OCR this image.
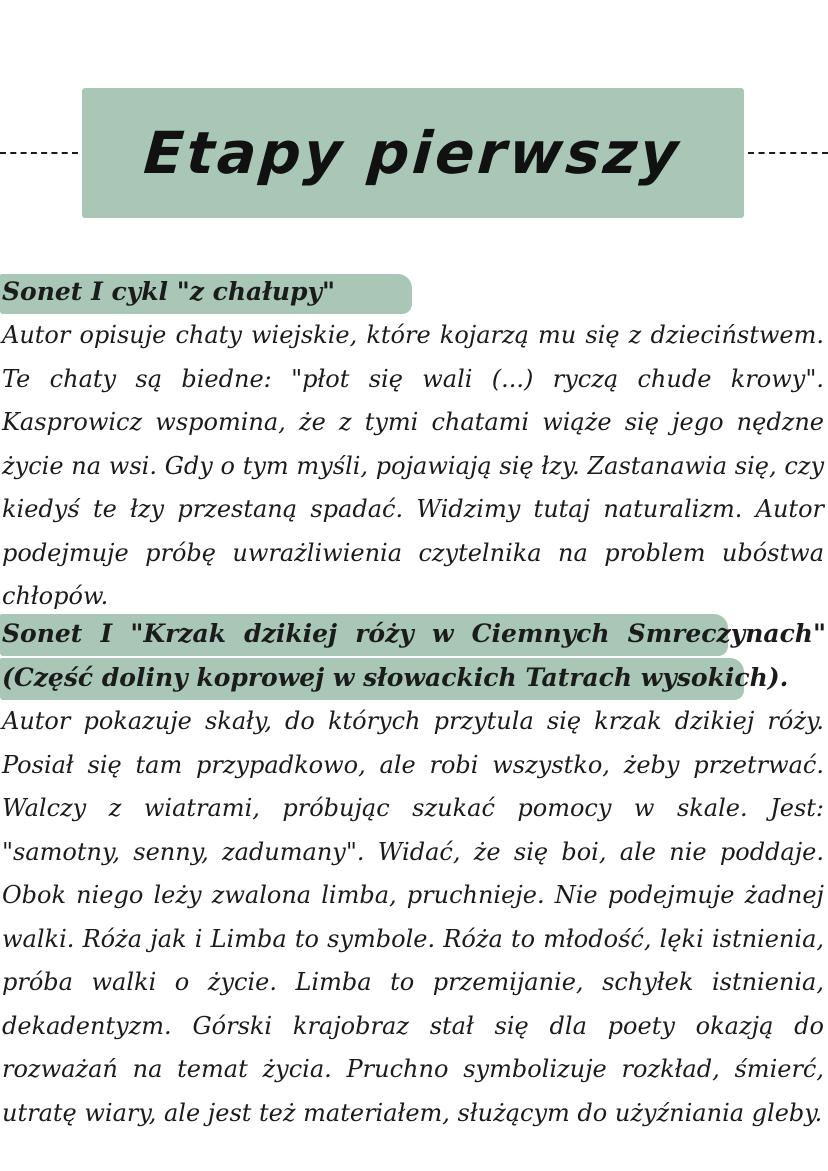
Etapy pierwszy
Sonet I cykl "z chałupy"

Autor opisuje chaty wiejskie, które kojarzą mu się z dzieciństwem. Te chaty są biedne: "płot się wali (...) ryczą chude krowy". Kasprowicz wspomina, że z tymi chatami wiąże się jego nędzne życie na wsi. Gdy o tym myśli, pojawiają się łzy. Zastanawia się, czy kiedyś te łzy przestaną spadać. Widzimy tutaj naturalizm. Autor podejmuje próbę uwrażliwienia czytelnika na problem ubóstwa chłopów.

Sonet I "Krzak dzikiej róży w Ciemnych Smreczynach" (Część doliny koprowej w słowackich Tatrach wysokich).

Autor pokazuje skały, do których przytula się krzak dzikiej róży. Posiał się tam przypadkowo, ale robi wszystko, żeby przetrwać. Walczy z wiatrami, próbując szukać pomocy w skale. Jest: "samotny, senny, zadumany". Widać, że się boi, ale nie poddaje. Obok niego leży zwalona limba, pruchnieje. Nie podejmuje żadnej walki. Róża jak i Limba to symbole. Róża to młodość, lęki istnienia, próba walki o życie. Limba to przemijanie, schyłek istnienia, dekadentyzm. Górski krajobraz stał się dla poety okazją do rozważań na temat życia. Pruchno symbolizuje rozkład, śmierć, utratę wiary, ale jest też materiałem, służącym do użyźniania gleby.
